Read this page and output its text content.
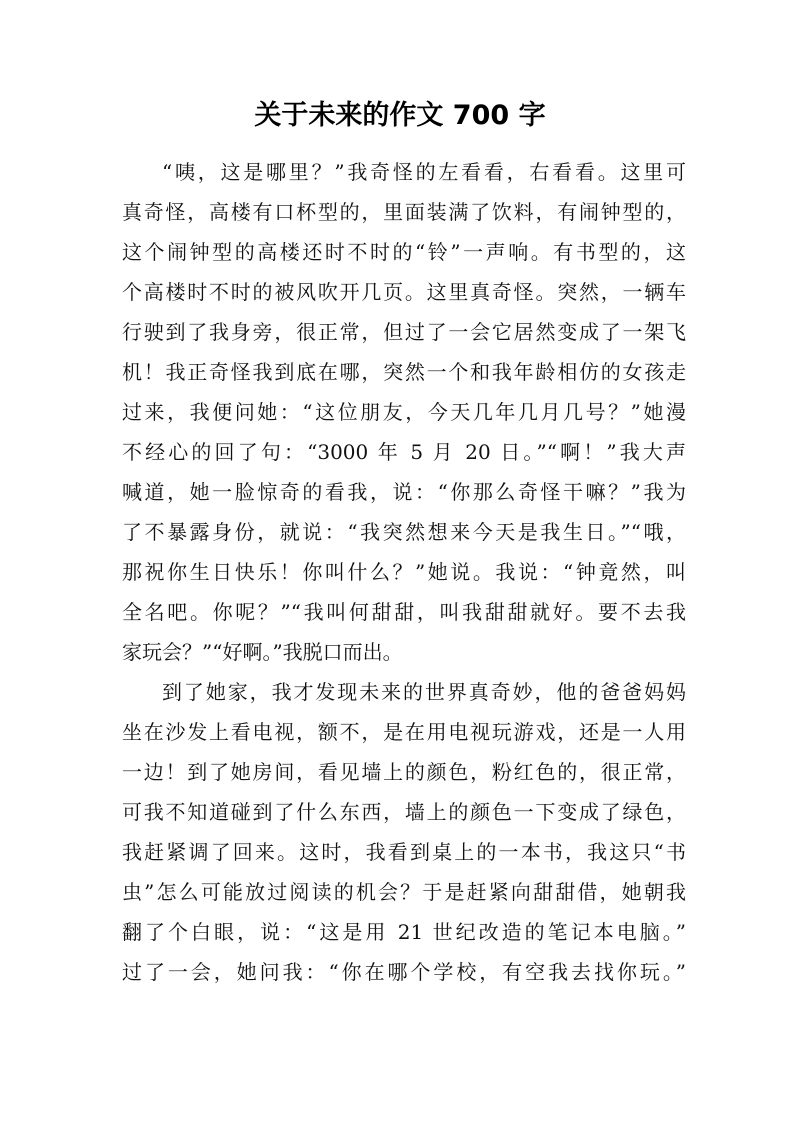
关于未来的作文 700 字
“咦，这是哪里？”我奇怪的左看看，右看看。这里可
真奇怪，高楼有口杯型的，里面装满了饮料，有闹钟型的，
这个闹钟型的高楼还时不时的“铃”一声响。有书型的，这
个高楼时不时的被风吹开几页。这里真奇怪。突然，一辆车
行驶到了我身旁，很正常，但过了一会它居然变成了一架飞
机！我正奇怪我到底在哪，突然一个和我年龄相仿的女孩走
过来，我便问她：“这位朋友，今天几年几月几号？”她漫
不经心的回了句：“3000 年 5 月 20 日。”“啊！”我大声
喊道，她一脸惊奇的看我，说：“你那么奇怪干嘛？”我为
了不暴露身份，就说：“我突然想来今天是我生日。”“哦，
那祝你生日快乐！你叫什么？”她说。我说：“钟竟然，叫
全名吧。你呢？”“我叫何甜甜，叫我甜甜就好。要不去我
家玩会？”“好啊。”我脱口而出。
到了她家，我才发现未来的世界真奇妙，他的爸爸妈妈
坐在沙发上看电视，额不，是在用电视玩游戏，还是一人用
一边！到了她房间，看见墙上的颜色，粉红色的，很正常，
可我不知道碰到了什么东西，墙上的颜色一下变成了绿色，
我赶紧调了回来。这时，我看到桌上的一本书，我这只“书
虫”怎么可能放过阅读的机会？于是赶紧向甜甜借，她朝我
翻了个白眼，说：“这是用 21 世纪改造的笔记本电脑。”
过了一会，她问我：“你在哪个学校，有空我去找你玩。”
